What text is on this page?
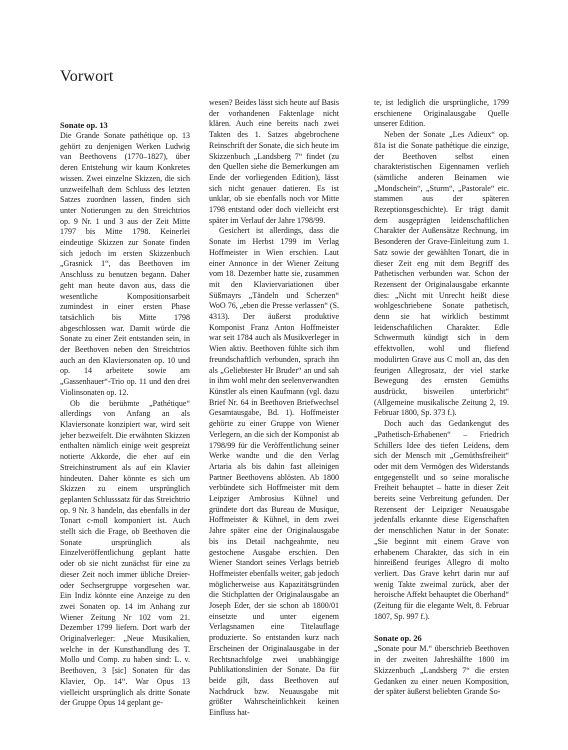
Vorwort
Sonate op. 13

Die Grande Sonate pathétique op. 13 gehört zu denjenigen Werken Ludwig van Beethovens (1770–1827), über deren Entstehung wir kaum Konkretes wissen. Zwei einzelne Skizzen, die sich unzweifelhaft dem Schluss des letzten Satzes zuordnen lassen, finden sich unter Notierungen zu den Streichtrios op. 9 Nr. 1 und 3 aus der Zeit Mitte 1797 bis Mitte 1798. Keinerlei eindeutige Skizzen zur Sonate finden sich jedoch im ersten Skizzenbuch „Grasnick 1“, das Beethoven im Anschluss zu benutzen begann. Daher geht man heute davon aus, dass die wesentliche Kompositionsarbeit zumindest in einer ersten Phase tatsächlich bis Mitte 1798 abgeschlossen war. Damit würde die Sonate zu einer Zeit entstanden sein, in der Beethoven neben den Streichtrios auch an den Klaviersonaten op. 10 und op. 14 arbeitete sowie am „Gassenhauer“-Trio op. 11 und den drei Violinsonaten op. 12.

Ob die berühmte „Pathétique“ allerdings von Anfang an als Klaviersonate konzipiert war, wird seit jeher bezweifelt. Die erwähnten Skizzen enthalten nämlich einige weit gespreizt notierte Akkorde, die eher auf ein Streichinstrument als auf ein Klavier hindeuten. Daher könnte es sich um Skizzen zu einem ursprünglich geplanten Schlusssatz für das Streichtrio op. 9 Nr. 3 handeln, das ebenfalls in der Tonart c-moll komponiert ist. Auch stellt sich die Frage, ob Beethoven die Sonate ursprünglich als Einzelveröffentlichung geplant hatte oder ob sie nicht zunächst für eine zu dieser Zeit noch immer übliche Dreier- oder Sechsergruppe vorgesehen war. Ein Indiz könnte eine Anzeige zu den zwei Sonaten op. 14 im Anhang zur Wiener Zeitung Nr 102 vom 21. Dezember 1799 liefern. Dort warb der Originalverleger: „Neue Musikalien, welche in der Kunsthandlung des T. Mollo und Comp. zu haben sind: L. v. Beethoven, 3 [sic] Sonaten für das Klavier, Op. 14“. War Opus 13 vielleicht ursprünglich als dritte Sonate der Gruppe Opus 14 geplant ge-

wesen? Beides lässt sich heute auf Basis der vorhandenen Faktenlage nicht klären. Auch eine bereits nach zwei Takten des 1. Satzes abgebrochene Reinschrift der Sonate, die sich heute im Skizzenbuch „Landsberg 7“ findet (zu den Quellen siehe die Bemerkungen am Ende der vorliegenden Edition), lässt sich nicht genauer datieren. Es ist unklar, ob sie ebenfalls noch vor Mitte 1798 entstand oder doch vielleicht erst später im Verlauf der Jahre 1798/99.

Gesichert ist allerdings, dass die Sonate im Herbst 1799 im Verlag Hoffmeister in Wien erschien. Laut einer Annonce in der Wiener Zeitung vom 18. Dezember hatte sie, zusammen mit den Klaviervariationen über Süßmayrs „Tändeln und Scherzen“ WoO 76, „eben die Presse verlassen“ (S. 4313). Der äußerst produktive Komponist Franz Anton Hoffmeister war seit 1784 auch als Musikverleger in Wien aktiv. Beethoven fühlte sich ihm freundschaftlich verbunden, sprach ihn als „Geliebtester Hr Bruder“ an und sah in ihm wohl mehr den seelenverwandten Künstler als einen Kaufmann (vgl. dazu Brief Nr. 64 in Beethoven Briefwechsel Gesamtausgabe, Bd. 1). Hoffmeister gehörte zu einer Gruppe von Wiener Verlegern, an die sich der Komponist ab 1798/99 für die Veröffentlichung seiner Werke wandte und die den Verlag Artaria als bis dahin fast alleinigen Partner Beethovens ablösten. Ab 1800 verbündete sich Hoffmeister mit dem Leipziger Ambrosius Kühnel und gründete dort das Bureau de Musique, Hoffmeister & Kühnel, in dem zwei Jahre später eine der Originalausgabe bis ins Detail nachgeahmte, neu gestochene Ausgabe erschien. Den Wiener Standort seines Verlags betrieb Hoffmeister ebenfalls weiter, gab jedoch möglicherweise aus Kapazitätsgründen die Stichplatten der Originalausgabe an Joseph Eder, der sie schon ab 1800/01 einsetzte und unter eigenem Verlagsnamen eine Titelauflage produzierte. So entstanden kurz nach Erscheinen der Originalausgabe in der Rechtsnachfolge zwei unabhängige Publikationslinien der Sonate. Da für beide gilt, dass Beethoven auf Nachdruck bzw. Neuausgabe mit größter Wahrscheinlichkeit keinen Einfluss hat-

te, ist lediglich die ursprüngliche, 1799 erschienene Originalausgabe Quelle unserer Edition.

Neben der Sonate „Les Adieux“ op. 81a ist die Sonate pathétique die einzige, der Beethoven selbst einen charakteristischen Eigennamen verlieh (sämtliche anderen Beinamen wie „Mondschein“, „Sturm“, „Pastorale“ etc. stammen aus der späteren Rezeptionsgeschichte). Er trägt damit dem ausgeprägten leidenschaftlichen Charakter der Außensätze Rechnung, im Besonderen der Grave-Einleitung zum 1. Satz sowie der gewählten Tonart, die in dieser Zeit eng mit dem Begriff des Pathetischen verbunden war. Schon der Rezensent der Originalausgabe erkannte dies: „Nicht mit Unrecht heißt diese wohlgeschriebene Sonate pathetisch, denn sie hat wirklich bestimmt leidenschaftlichen Charakter. Edle Schwermuth kündigt sich in dem effektvollen, wohl und fliefend modulirten Grave aus C moll an, das den feurigen Allegrosatz, der viel starke Bewegung des ernsten Gemüths ausdrückt, bisweilen unterbricht“ (Allgemeine musikalische Zeitung 2, 19. Februar 1800, Sp. 373 f.).

Doch auch das Gedankengut des „Pathetisch-Erhabenen“ – Friedrich Schillers Idee des tiefen Leidens, dem sich der Mensch mit „Gemüthsfreiheit“ oder mit dem Vermögen des Widerstands entgegenstellt und so seine moralische Freiheit behauptet – hatte in dieser Zeit bereits seine Verbreitung gefunden. Der Rezensent der Leipziger Neuausgabe jedenfalls erkannte diese Eigenschaften der menschlichen Natur in der Sonate: „Sie beginnt mit einem Grave von erhabenem Charakter, das sich in ein hinreißend feuriges Allegro di molto verliert. Das Grave kehrt darin nur auf wenig Takte zweimal zurück, aber der heroische Affekt behauptet die Oberhand“ (Zeitung für die elegante Welt, 8. Februar 1807, Sp. 997 f.).

Sonate op. 26

„Sonate pour M.“ überschrieb Beethoven in der zweiten Jahreshälfte 1800 im Skizzenbuch „Landsberg 7“ die ersten Gedanken zu einer neuen Komposition, der später äußerst beliebten Grande So-
